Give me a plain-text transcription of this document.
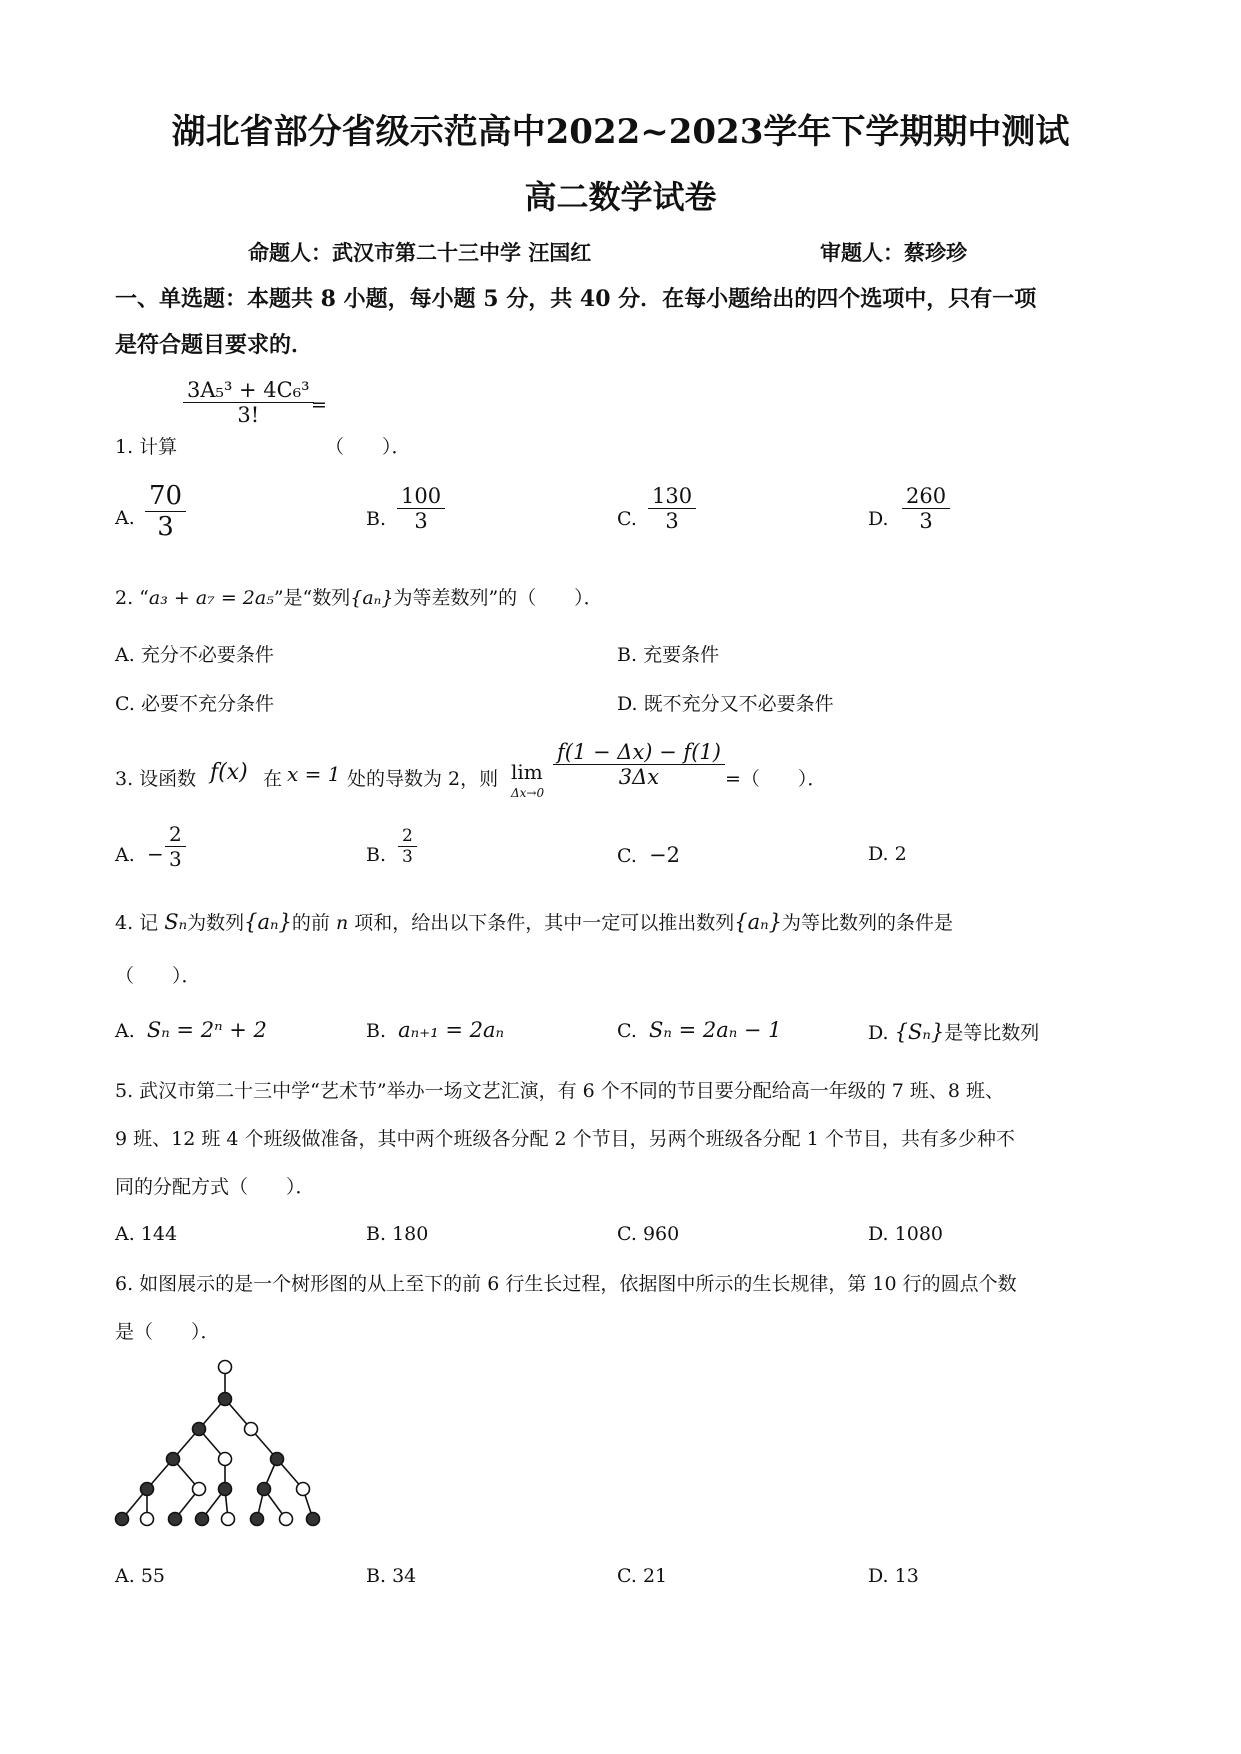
湖北省部分省级示范高中2022~2023学年下学期期中测试
高二数学试卷
命题人：武汉市第二十三中学 汪国红	审题人：蔡珍珍
一、单选题：本题共 8 小题，每小题 5 分，共 40 分．在每小题给出的四个选项中，只有一项
是符合题目要求的．
1. 计算
$\frac{\text{3A₅³ + 4C₆³}}{3!}$
=
（　　）．
A. $\frac{70}{3}$	B. $\frac{100}{3}$	C. $\frac{130}{3}$	D. $\frac{260}{3}$
2. “a₃ + a₇ = 2a₅”是“数列{aₙ}为等差数列”的（　　）．
A. 充分不必要条件	B. 充要条件
C. 必要不充分条件	D. 既不充分又不必要条件
3. 设函数 f(x) 在 x = 1 处的导数为 2，则 lim
Δx→0
$\frac{f(1 - \Delta x) - f(1)}{3\Delta x}$ =（　　）．
A. − $\frac{2}{3}$	B. $\frac{2}{3}$	C. −2	D. 2
4. 记 Sₙ为数列{aₙ}的前 n 项和，给出以下条件，其中一定可以推出数列{aₙ}为等比数列的条件是
（　　）．
A. Sₙ = 2ⁿ + 2	B. aₙ₊₁ = 2aₙ	C. Sₙ = 2aₙ − 1	D. {Sₙ}是等比数列
5. 武汉市第二十三中学“艺术节”举办一场文艺汇演，有 6 个不同的节目要分配给高一年级的 7 班、8 班、
9 班、12 班 4 个班级做准备，其中两个班级各分配 2 个节目，另两个班级各分配 1 个节目，共有多少种不
同的分配方式（　　）．
A. 144	B. 180	C. 960	D. 1080
6. 如图展示的是一个树形图的从上至下的前 6 行生长过程，依据图中所示的生长规律，第 10 行的圆点个数
是（　　）．
A. 55	B. 34	C. 21	D. 13
